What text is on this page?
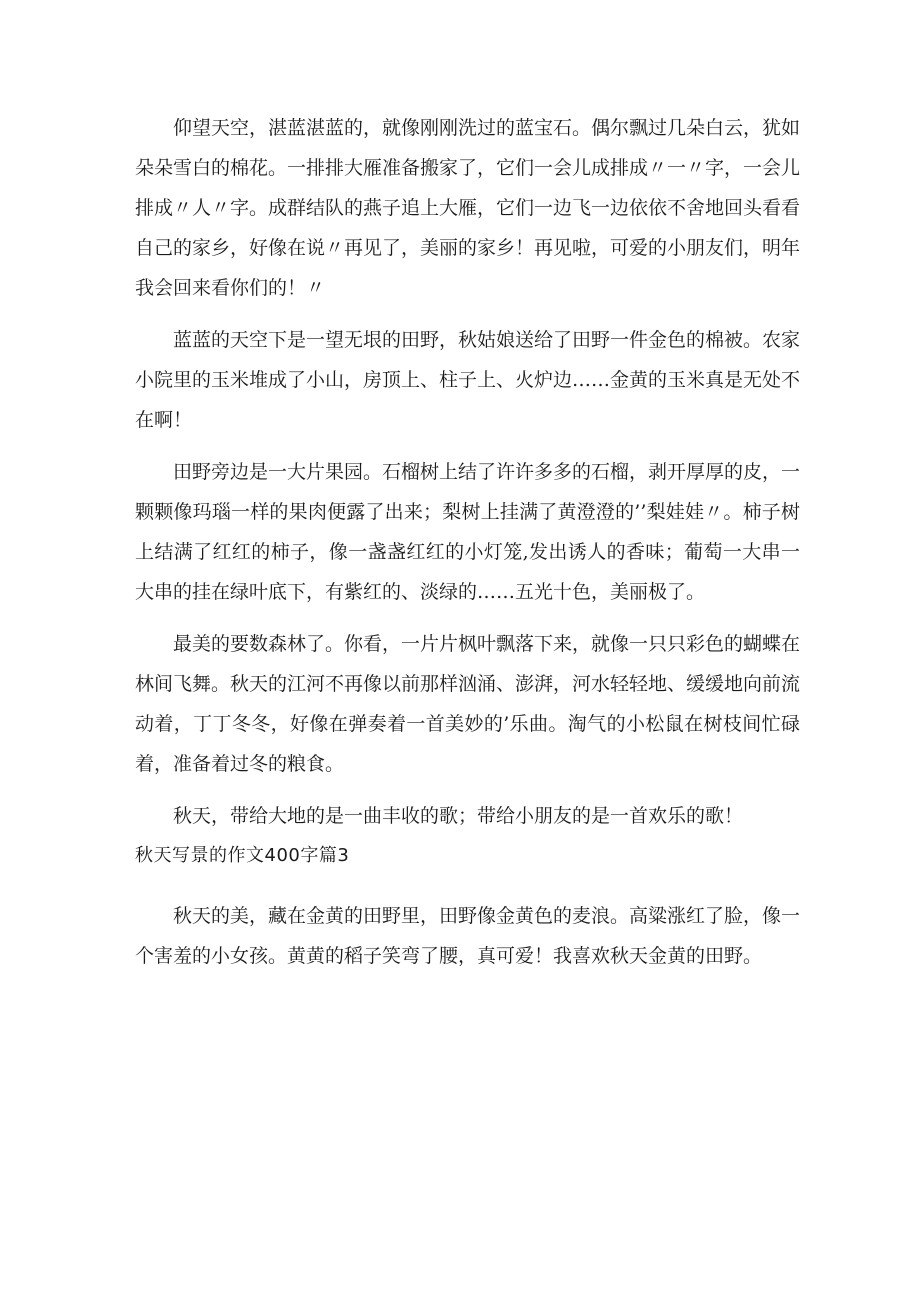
仰望天空，湛蓝湛蓝的，就像刚刚洗过的蓝宝石。偶尔飘过几朵白云，犹如朵朵雪白的棉花。一排排大雁准备搬家了，它们一会儿成排成〃一〃字，一会儿排成〃人〃字。成群结队的燕子追上大雁，它们一边飞一边依依不舍地回头看看自己的家乡，好像在说〃再见了，美丽的家乡！再见啦，可爱的小朋友们，明年我会回来看你们的！〃

蓝蓝的天空下是一望无垠的田野，秋姑娘送给了田野一件金色的棉被。农家小院里的玉米堆成了小山，房顶上、柱子上、火炉边……金黄的玉米真是无处不在啊！

田野旁边是一大片果园。石榴树上结了许许多多的石榴，剥开厚厚的皮，一颗颗像玛瑙一样的果肉便露了出来；梨树上挂满了黄澄澄的’’梨娃娃〃。柿子树上结满了红红的柿子，像一盏盏红红的小灯笼,发出诱人的香味；葡萄一大串一大串的挂在绿叶底下，有紫红的、淡绿的……五光十色，美丽极了。

最美的要数森林了。你看，一片片枫叶飘落下来，就像一只只彩色的蝴蝶在林间飞舞。秋天的江河不再像以前那样汹涌、澎湃，河水轻轻地、缓缓地向前流动着，丁丁冬冬，好像在弹奏着一首美妙的’乐曲。淘气的小松鼠在树枝间忙碌着，准备着过冬的粮食。

秋天，带给大地的是一曲丰收的歌；带给小朋友的是一首欢乐的歌！

秋天写景的作文400字篇3

秋天的美，藏在金黄的田野里，田野像金黄色的麦浪。高粱涨红了脸，像一个害羞的小女孩。黄黄的稻子笑弯了腰，真可爱！我喜欢秋天金黄的田野。
